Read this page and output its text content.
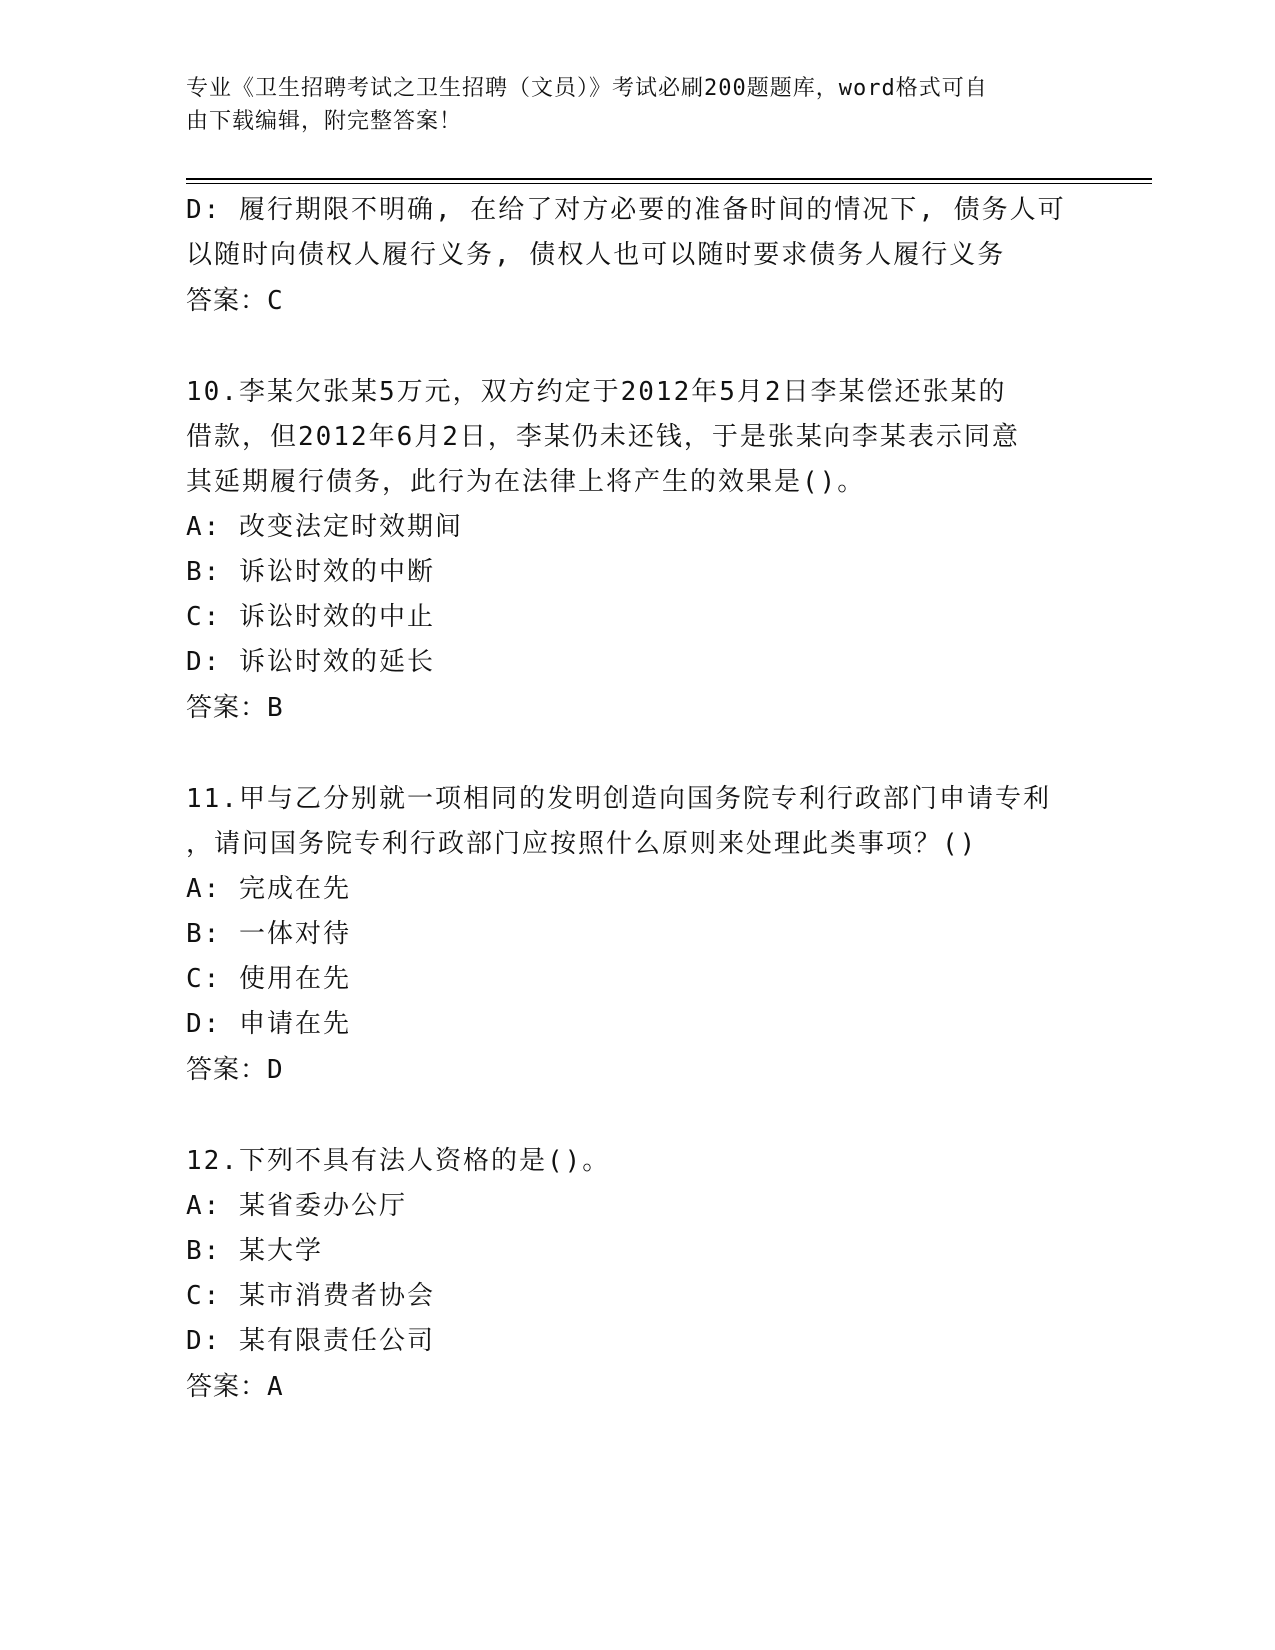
专业《卫生招聘考试之卫生招聘（文员）》考试必刷200题题库，word格式可自
由下载编辑，附完整答案！
D: 履行期限不明确, 在给了对方必要的准备时间的情况下, 债务人可
以随时向债权人履行义务, 债权人也可以随时要求债务人履行义务
答案：C
10.李某欠张某5万元，双方约定于2012年5月2日李某偿还张某的
借款，但2012年6月2日，李某仍未还钱，于是张某向李某表示同意
其延期履行债务，此行为在法律上将产生的效果是()。
A: 改变法定时效期间
B: 诉讼时效的中断
C: 诉讼时效的中止
D: 诉讼时效的延长
答案：B
11.甲与乙分别就一项相同的发明创造向国务院专利行政部门申请专利
，请问国务院专利行政部门应按照什么原则来处理此类事项？()
A: 完成在先
B: 一体对待
C: 使用在先
D: 申请在先
答案：D
12.下列不具有法人资格的是()。
A: 某省委办公厅
B: 某大学
C: 某市消费者协会
D: 某有限责任公司
答案：A
